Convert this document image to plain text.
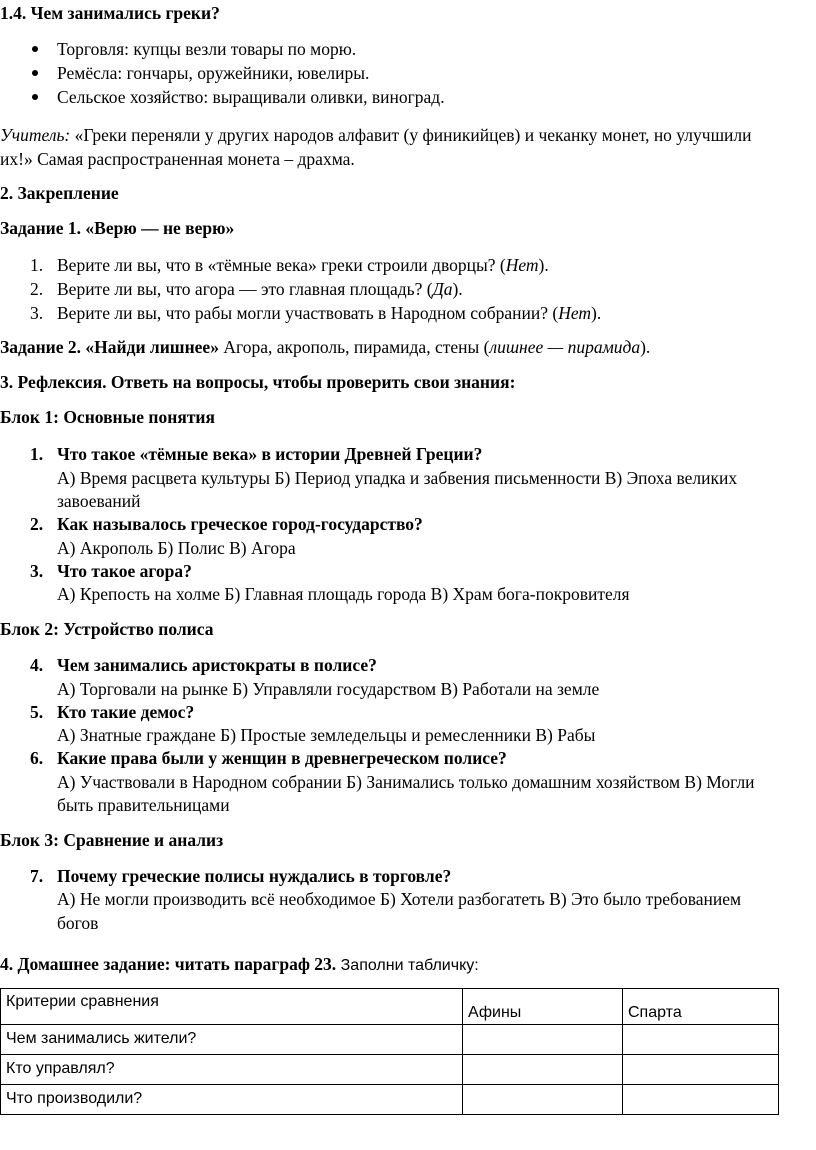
1.4. Чем занимались греки?
Торговля: купцы везли товары по морю.
Ремёсла: гончары, оружейники, ювелиры.
Сельское хозяйство: выращивали оливки, виноград.
Учитель: «Греки переняли у других народов алфавит (у финикийцев) и чеканку монет, но улучшили
их!» Самая распространенная монета – драхма.
2. Закрепление
Задание 1. «Верю — не верю»
1. Верите ли вы, что в «тёмные века» греки строили дворцы? (Нет).
2. Верите ли вы, что агора — это главная площадь? (Да).
3. Верите ли вы, что рабы могли участвовать в Народном собрании? (Нет).
Задание 2. «Найди лишнее» Агора, акрополь, пирамида, стены (лишнее — пирамида).
3. Рефлексия. Ответь на вопросы, чтобы проверить свои знания:
Блок 1: Основные понятия
1. Что такое «тёмные века» в истории Древней Греции?
А) Время расцвета культуры Б) Период упадка и забвения письменности В) Эпоха великих
завоеваний
2. Как называлось греческое город-государство?
А) Акрополь Б) Полис В) Агора
3. Что такое агора?
А) Крепость на холме Б) Главная площадь города В) Храм бога-покровителя
Блок 2: Устройство полиса
4. Чем занимались аристократы в полисе?
А) Торговали на рынке Б) Управляли государством В) Работали на земле
5. Кто такие демос?
А) Знатные граждане Б) Простые земледельцы и ремесленники В) Рабы
6. Какие права были у женщин в древнегреческом полисе?
А) Участвовали в Народном собрании Б) Занимались только домашним хозяйством В) Могли
быть правительницами
Блок 3: Сравнение и анализ
7. Почему греческие полисы нуждались в торговле?
А) Не могли производить всё необходимое Б) Хотели разбогатеть В) Это было требованием
богов
4. Домашнее задание: читать параграф 23. Заполни табличку:
Критерии сравнения	Афины	Спарта
Чем занимались жители?		
Кто управлял?		
Что производили?		
